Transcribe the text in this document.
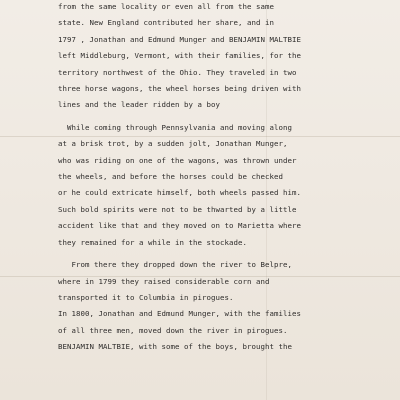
from the same locality or even all from the same
state. New England contributed her share, and in
1797 , Jonathan and Edmund Munger and BENJAMIN MALTBIE
left Middleburg, Vermont, with their families, for the
territory northwest of the Ohio. They traveled in two
three horse wagons, the wheel horses being driven with
lines and the leader ridden by a boy
While coming through Pennsylvania and moving along
at a brisk trot, by a sudden jolt, Jonathan Munger,
who was riding on one of the wagons, was thrown under
the wheels, and before the horses could be checked
or he could extricate himself, both wheels passed him.
Such bold spirits were not to be thwarted by a little
accident like that and they moved on to Marietta where
they remained for a while in the stockade.
From there they dropped down the river to Belpre,
where in 1799 they raised considerable corn and
transported it to Columbia in pirogues.
In 1800, Jonathan and Edmund Munger, with the families
of all three men, moved down the river in pirogues.
BENJAMIN MALTBIE, with some of the boys, brought the
